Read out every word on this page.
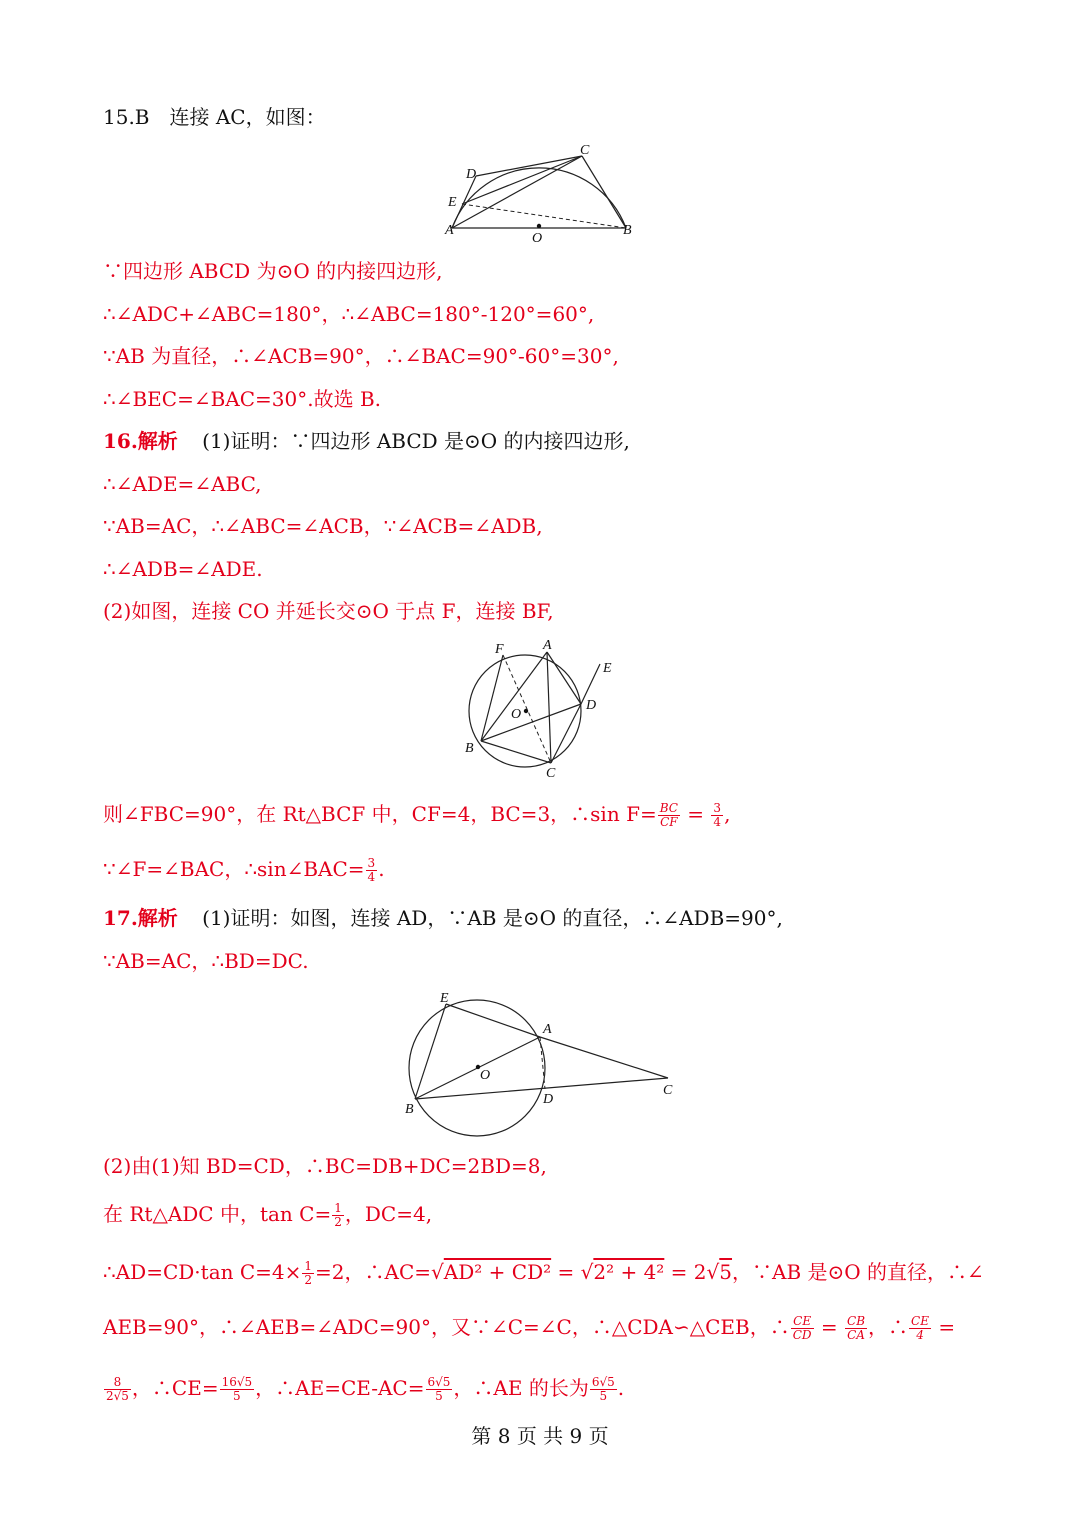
15.B　连接 AC，如图：
D
C
E
A
O
B
∵四边形 ABCD 为⊙O 的内接四边形,
∴∠ADC+∠ABC=180°，∴∠ABC=180°-120°=60°,
∵AB 为直径，∴∠ACB=90°，∴∠BAC=90°-60°=30°,
∴∠BEC=∠BAC=30°.故选 B.
16.解析 (1)证明：∵四边形 ABCD 是⊙O 的内接四边形,
∴∠ADE=∠ABC,
∵AB=AC，∴∠ABC=∠ACB，∵∠ACB=∠ADB,
∴∠ADB=∠ADE.
(2)如图，连接 CO 并延长交⊙O 于点 F，连接 BF,
F	A
E
O
D
B
C
则∠FBC=90°，在 Rt△BCF 中，CF=4，BC=3，∴sin $F= \frac{BC}{CF} = \frac{3}{4}$ ,
∵∠F=∠BAC，∴sin∠BAC= $\frac{3}{4}$ .
17.解析 (1)证明：如图，连接 AD，∵AB 是⊙O 的直径，∴∠ADB=90°,
∵AB=AC，∴BD=DC.
E
A
O
D
C
B
(2)由(1)知 BD=CD，∴BC=DB+DC=2BD=8,
在 Rt△ADC 中，$\tan C= \frac{1}{2}$ ，DC=4,
∴AD=CD·tan $C=4\times \frac{1}{2} =2$，∴AC=√AD² + CD² = √2² + 4² = 2√5，∵AB 是⊙O 的直径，∴∠
AEB=90°，∴∠AEB=∠ADC=90°，又∵∠C=∠C，∴△CDA∽△CEB，∴ $\frac{CE}{CD} = \frac{CB}{CA}$ ，∴ $\frac{CE}{4}$ =
$\frac{8}{2√5}$ ，∴CE= $\frac{16√5}{5}$ ，∴AE=CE-AC= $\frac{6√5}{5}$ ，∴AE 的长为 $\frac{6√5}{5}$ .
第 8 页 共 9 页
